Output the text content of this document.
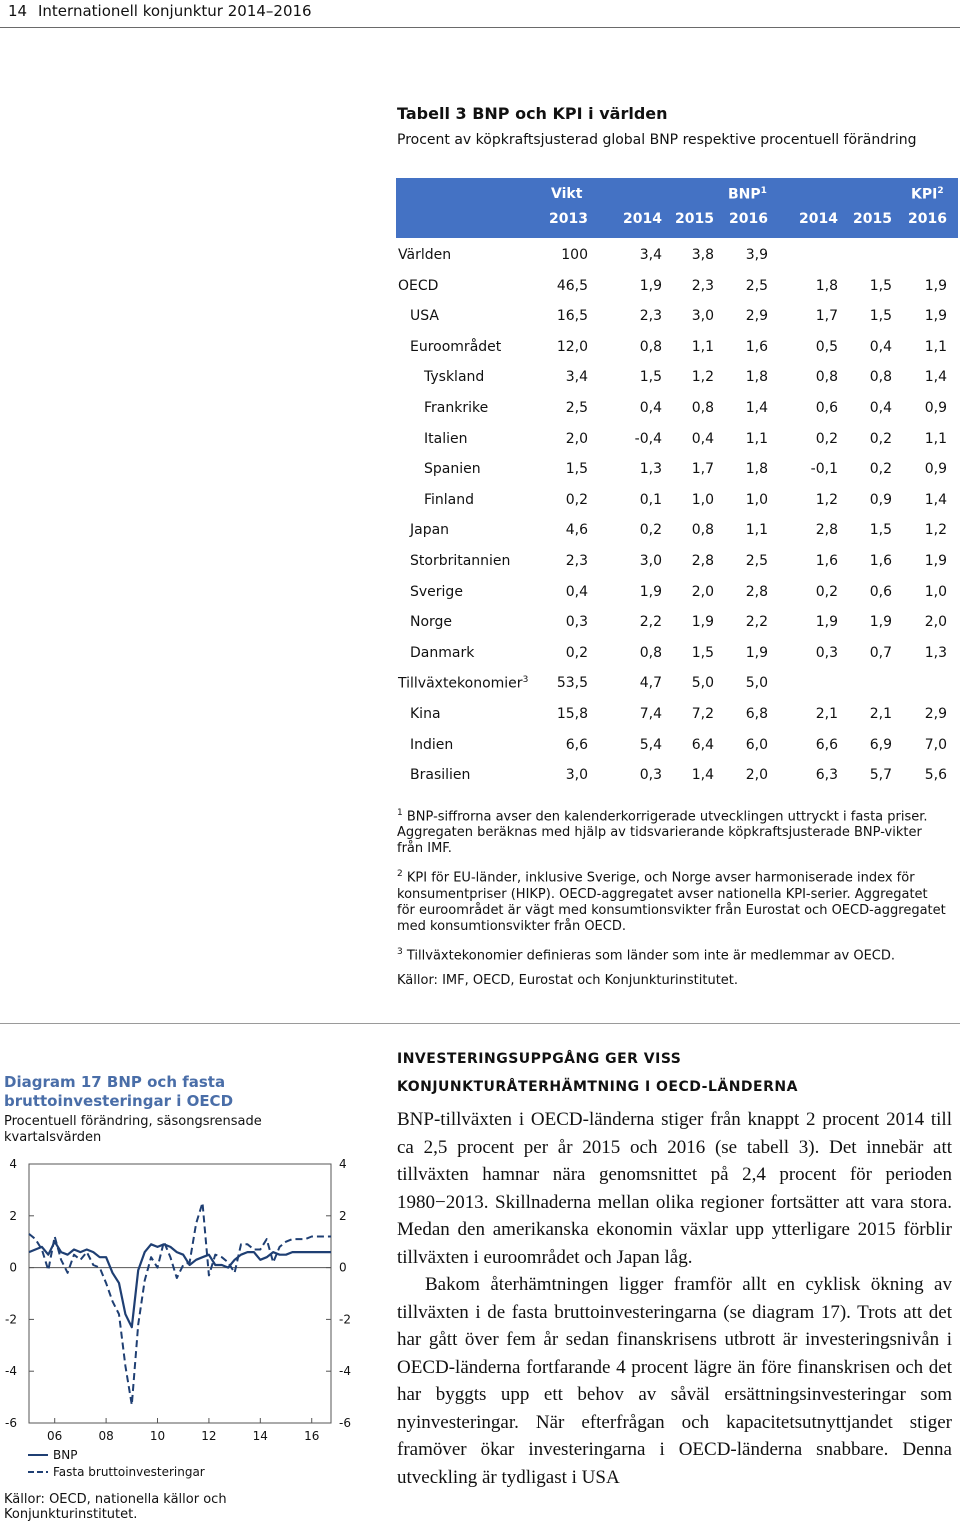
14 Internationell konjunktur 2014–2016
Tabell 3 BNP och KPI i världen
Procent av köpkraftsjusterad global BNP respektive procentuell förändring
Vikt	BNP$^1$	KPI$^2$
2013	2014 2015	2016	2014	2015	2016
Världen	100	3,4	3,8	3,9
OECD	46,5	1,9	2,3	2,5	1,8	1,5	1,9
USA	16,5	2,3	3,0	2,9	1,7	1,5	1,9
Euroområdet	12,0	0,8	1,1	1,6	0,5	0,4	1,1
Tyskland	3,4	1,5	1,2	1,8	0,8	0,8	1,4
Frankrike	2,5	0,4	0,8	1,4	0,6	0,4	0,9
Italien	2,0	-0,4	0,4	1,1	0,2	0,2	1,1
Spanien	1,5	1,3	1,7	1,8	-0,1	0,2	0,9
Finland	0,2	0,1	1,0	1,0	1,2	0,9	1,4
Japan	4,6	0,2	0,8	1,1	2,8	1,5	1,2
Storbritannien	2,3	3,0	2,8	2,5	1,6	1,6	1,9
Sverige	0,4	1,9	2,0	2,8	0,2	0,6	1,0
Norge	0,3	2,2	1,9	2,2	1,9	1,9	2,0
Danmark	0,2	0,8	1,5	1,9	0,3	0,7	1,3
Tillväxtekonomier$^3$	53,5	4,7	5,0	5,0
Kina	15,8	7,4	7,2	6,8	2,1	2,1	2,9
Indien	6,6	5,4	6,4	6,0	6,6	6,9	7,0
Brasilien	3,0	0,3	1,4	2,0	6,3	5,7	5,6

$^1$ BNP-siffrorna avser den kalenderkorrigerade utvecklingen uttryckt i fasta priser. Aggregaten beräknas med hjälp av tidsvarierande köpkraftsjusterade BNP-vikter från IMF.

$^2$ KPI för EU-länder, inklusive Sverige, och Norge avser harmoniserade index för konsumentpriser (HIKP). OECD-aggregatet avser nationella KPI-serier. Aggregatet för euroområdet är vägt med konsumtionsvikter från Eurostat och OECD-aggregatet med konsumtionsvikter från OECD.

$^3$ Tillväxtekonomier definieras som länder som inte är medlemmar av OECD.

Källor: IMF, OECD, Eurostat och Konjunkturinstitutet.

Diagram 17 BNP och fasta bruttoinvesteringar i OECD
Procentuell förändring, säsongsrensade kvartalsvärden
4	4
2	2
0	0
-2	-2
-4	-4
-6	-6
06	08	10	12	14	16
BNP
Fasta bruttoinvesteringar
Källor: OECD, nationella källor och Konjunkturinstitutet.
INVESTERINGSUPPGÅNG GER VISS
KONJUNKTURÅTERHÄMTNING I OECD-LÄNDERNA

BNP-tillväxten i OECD-länderna stiger från knappt 2 procent 2014 till ca 2,5 procent per år 2015 och 2016 (se tabell 3). Det innebär att tillväxten hamnar nära genomsnittet på 2,4 procent för perioden 1980−2013. Skillnaderna mellan olika regioner fortsätter att vara stora. Medan den amerikanska ekonomin växlar upp ytterligare 2015 förblir tillväxten i euroområdet och Japan låg.

Bakom återhämtningen ligger framför allt en cyklisk ökning av tillväxten i de fasta bruttoinvesteringarna (se diagram 17). Trots att det har gått över fem år sedan finanskrisens utbrott är investeringsnivån i OECD-länderna fortfarande 4 procent lägre än före finanskrisen och det har byggts upp ett behov av såväl ersättningsinvesteringar som nyinvesteringar. När efterfrågan och kapacitetsutnyttjandet stiger framöver ökar investeringarna i OECD-länderna snabbare. Denna utveckling är tydligast i USA
